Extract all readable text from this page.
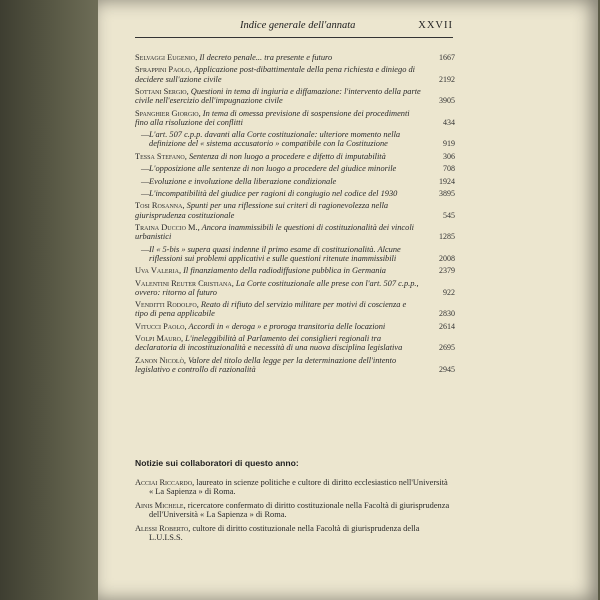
Indice generale dell'annata	XXVII
Selvaggi Eugenio, Il decreto penale... tra presente e futuro	1667
Sfrappini Paolo, Applicazione post-dibattimentale della pena richiesta e diniego di decidere sull'azione civile	2192
Sottani Sergio, Questioni in tema di ingiuria e diffamazione: l'intervento della parte civile nell'esercizio dell'impugnazione civile	3905
Spanghier Giorgio, In tema di omessa previsione di sospensione dei procedimenti fino alla risoluzione dei conflitti	434
— L'art. 507 c.p.p. davanti alla Corte costituzionale: ulteriore momento nella definizione del « sistema accusatorio » compatibile con la Costituzione	919
Tessa Stefano, Sentenza di non luogo a procedere e difetto di imputabilità	306
— L'opposizione alle sentenze di non luogo a procedere del giudice minorile	708
— Evoluzione e involuzione della liberazione condizionale	1924
— L'incompatibilità del giudice per ragioni di congiugio nel codice del 1930	3895
Tosi Rosanna, Spunti per una riflessione sui criteri di ragionevolezza nella giurisprudenza costituzionale	545
Traina Duccio M., Ancora inammissibili le questioni di costituzionalità dei vincoli urbanistici	1285
— Il « 5-bis » supera quasi indenne il primo esame di costituzionalità. Alcune riflessioni sui problemi applicativi e sulle questioni ritenute inammissibili	2008
Uva Valeria, Il finanziamento della radiodiffusione pubblica in Germania	2379
Valentini Reuter Cristiana, La Corte costituzionale alle prese con l'art. 507 c.p.p., ovvero: ritorno al futuro	922
Venditti Rodolfo, Reato di rifiuto del servizio militare per motivi di coscienza e tipo di pena applicabile	2830
Vitucci Paolo, Accordi in « deroga » e proroga transitoria delle locazioni	2614
Volpi Mauro, L'ineleggibilità al Parlamento dei consiglieri regionali tra declaratoria di incostituzionalità e necessità di una nuova disciplina legislativa	2695
Zanon Nicolò, Valore del titolo della legge per la determinazione dell'intento legislativo e controllo di razionalità	2945
Notizie sui collaboratori di questo anno:
Acciai Riccardo, laureato in scienze politiche e cultore di diritto ecclesiastico nell'Università « La Sapienza » di Roma.
Ainis Michele, ricercatore confermato di diritto costituzionale nella Facoltà di giurisprudenza dell'Università « La Sapienza » di Roma.
Alessi Roberto, cultore di diritto costituzionale nella Facoltà di giurisprudenza della L.U.I.S.S.
